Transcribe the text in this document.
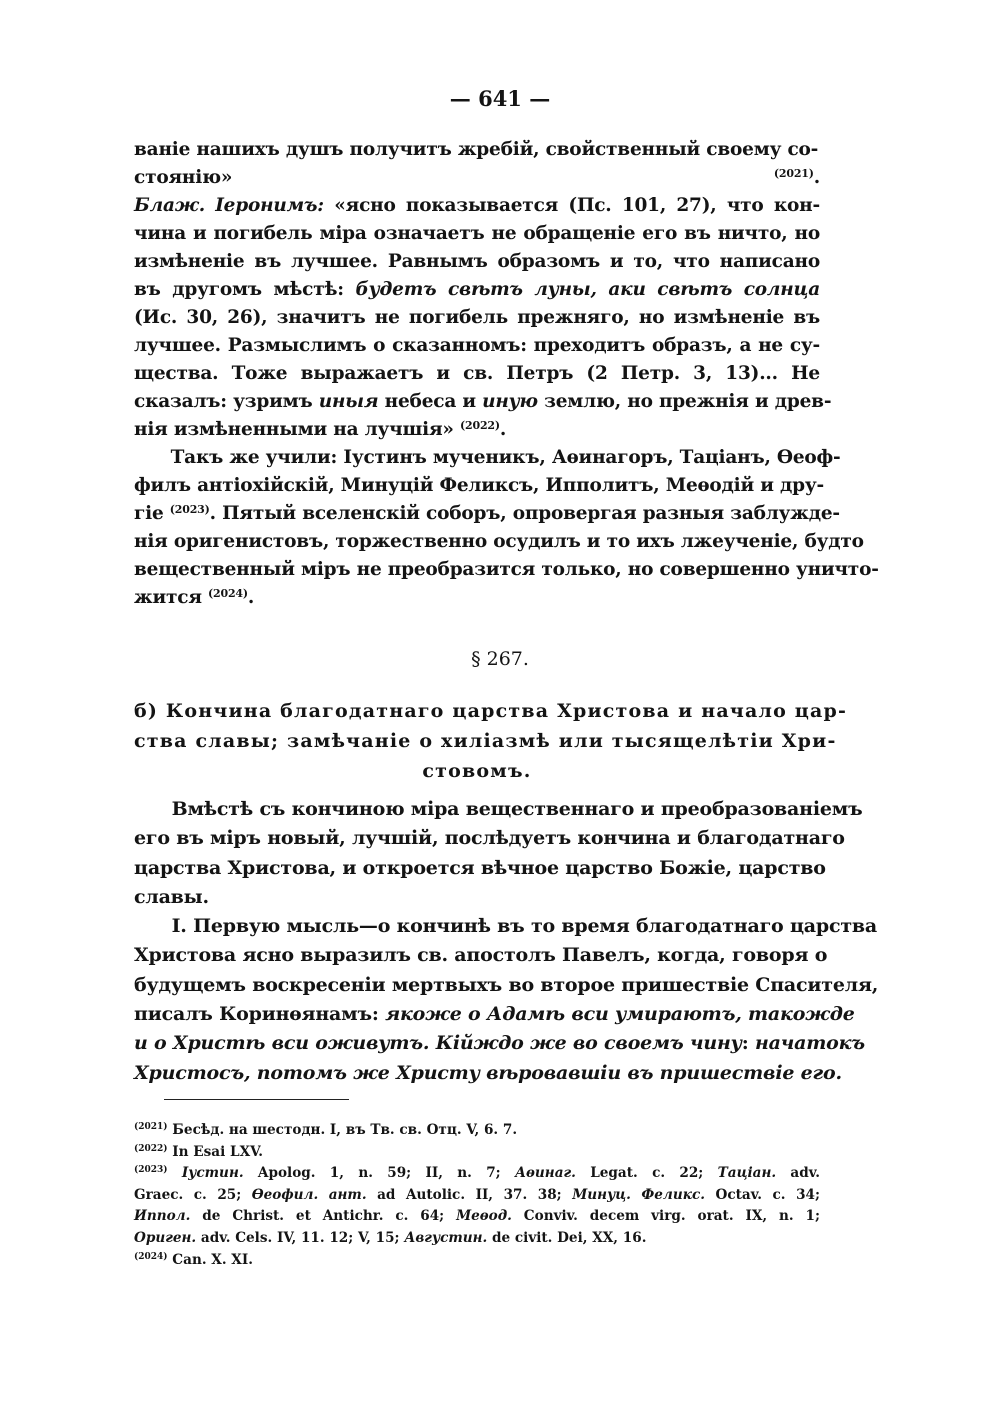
— 641 —
ваніе нашихъ душъ получитъ жребій, свойственный своему со-
стоянію» $^{(2021)}$.
Блаж. Іеронимъ: «ясно показывается (Пс. 101, 27), что кон-
чина и погибель міра означаетъ не обращеніе его въ ничто, но
измѣненіе въ лучшее. Равнымъ образомъ и то, что написано
въ другомъ мѣстѣ: будетъ свѣтъ луны, аки свѣтъ солнца
(Ис. 30, 26), значитъ не погибель прежняго, но измѣненіе въ
лучшее. Размыслимъ о сказанномъ: преходитъ образъ, а не су-
щества. Тоже выражаетъ и св. Петръ (2 Петр. 3, 13)... Не
сказалъ: узримъ иныя небеса и иную землю, но прежнія и древ-
нія измѣненными на лучшія» $^{(2022)}$.
  Такъ же учили: Іустинъ мученикъ, Аѳинагоръ, Таціанъ, Ѳеоф-
филъ антіохійскій, Минуцій Феликсъ, Ипполитъ, Меѳодій и дру-
гіе $^{(2023)}$. Пятый вселенскій соборъ, опровергая разныя заблужде-
нія оригенистовъ, торжественно осудилъ и то ихъ лжеученіе, будто
вещественный міръ не преобразится только, но совершенно уничто-
жится $^{(2024)}$.
§ 267.
б) Кончина благодатнаго царства Христова и начало цар-
ства славы; замѣчаніе о хиліазмѣ или тысящелѣтіи Хри-
стовомъ.
  Вмѣстѣ съ кончиною міра вещественнаго и преобразованіемъ
его въ міръ новый, лучшій, послѣдуетъ кончина и благодатнаго
царства Христова, и откроется вѣчное царство Божіе, царство
славы.
  I. Первую мысль—о кончинѣ въ то время благодатнаго царства
Христова ясно выразилъ св. апостолъ Павелъ, когда, говоря о
будущемъ воскресеніи мертвыхъ во второе пришествіе Спасителя,
писалъ Коринѳянамъ: якоже о Адамѣ вси умираютъ, такожде
и о Христѣ вси оживутъ. Кійждо же во своемъ чину: начатокъ
Христосъ, потомъ же Христу вѣровавшіи въ пришествіе его.
$^{(2021)}$ Бесѣд. на шестодн. I, въ Тв. св. Отц. V, 6. 7.
$^{(2022)}$ In Esai LXV.
$^{(2023)}$ Іустин. Apolog. 1, n. 59; II, n. 7; Аѳинаг. Legat. c. 22; Таціан. adv.
Graec. c. 25; Ѳеофил. ант. ad Autolic. II, 37. 38; Минуц. Феликс. Octav. c. 34;
Иппол. de Christ. et Antichr. c. 64; Меѳод. Conviv. decem virg. orat. IX, n. 1;
Ориген. adv. Cels. IV, 11. 12; V, 15; Августин. de civit. Dei, XX, 16.
$^{(2024)}$ Can. X. XI.
